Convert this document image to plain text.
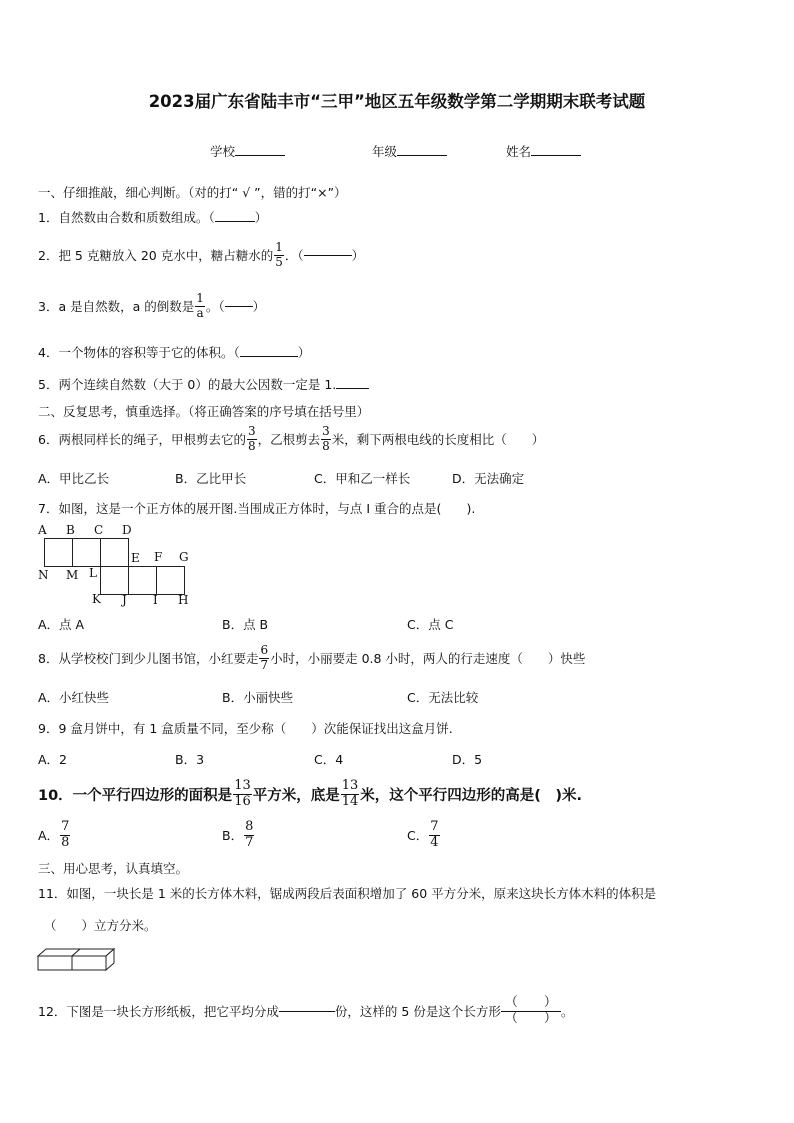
2023届广东省陆丰市“三甲”地区五年级数学第二学期期末联考试题
学校	年级	姓名
一、仔细推敲，细心判断。（对的打“ √ ”，错的打“×”）
1．自然数由合数和质数组成。（	）
2．把 5 克糖放入 20 克水中，糖占糖水的 $\frac{1}{5}$ ．（	）
3．a 是自然数，a 的倒数是 $\frac{1}{a}$ 。（ ）
4．一个物体的容积等于它的体积。（	）
5．两个连续自然数（大于 0）的最大公因数一定是 1.
二、反复思考，慎重选择。（将正确答案的序号填在括号里）
6．两根同样长的绳子，甲根剪去它的 $\frac{3}{8}$ ，乙根剪去 $\frac{3}{8}$ 米，剩下两根电线的长度相比（　　）
A．甲比乙长	B．乙比甲长	C．甲和乙一样长	D．无法确定
7．如图，这是一个正方体的展开图.当围成正方体时，与点 I 重合的点是(　　).
A B C D
E F G
N M L
K J I H
A．点 A	B．点 B	C．点 C
8．从学校校门到少儿图书馆，小红要走 $\frac{6}{7}$ 小时，小丽要走 0.8 小时，两人的行走速度（　　）快些
A．小红快些	B．小丽快些	C．无法比较
9．9 盒月饼中，有 1 盒质量不同，至少称（　　）次能保证找出这盒月饼.
A．2	B．3	C．4	D．5
10．一个平行四边形的面积是 $\frac{13}{16}$ 平方米，底是 $\frac{13}{14}$ 米，这个平行四边形的高是(　)米.
A． $\frac{7}{8}$	B． $\frac{8}{7}$	C． $\frac{7}{4}$
三、用心思考，认真填空。
11．如图，一块长是 1 米的长方体木料，锯成两段后表面积增加了 60 平方分米，原来这块长方体木料的体积是
（　　）立方分米。
12．下图是一块长方形纸板，把它平均分成	份，这样的 5 份是这个长方形 $\frac{( )}{( )}$ 。
